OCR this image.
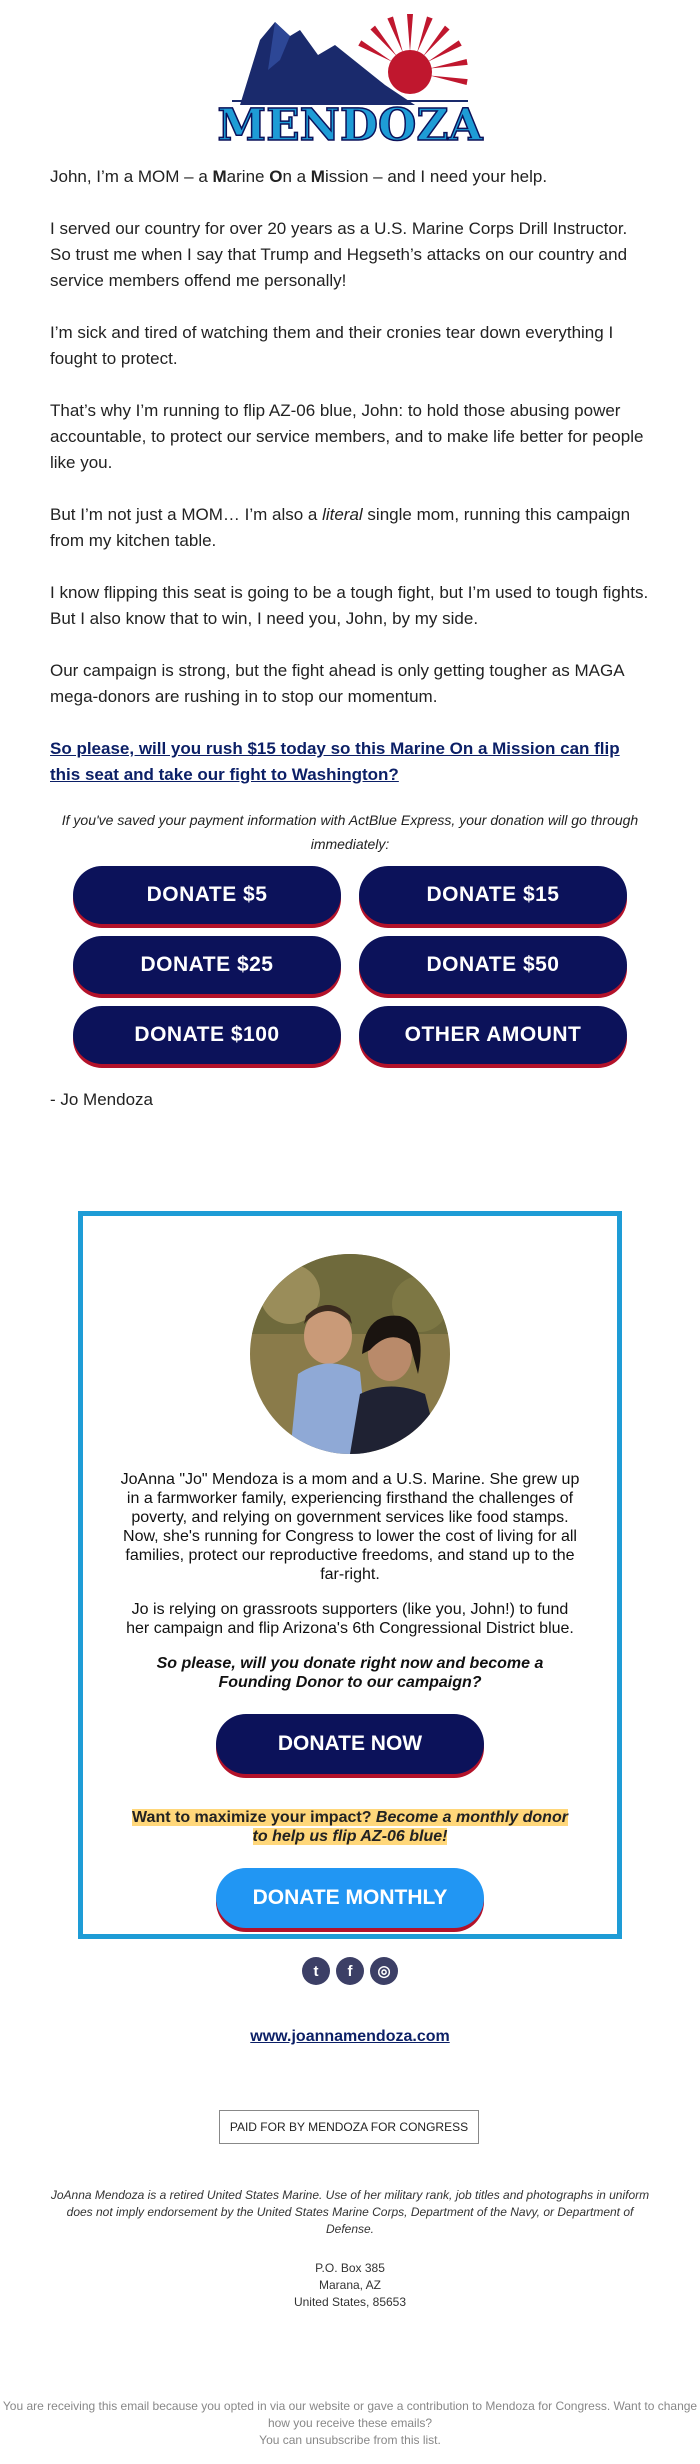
MENDOZA

John, I’m a MOM – a Marine On a Mission – and I need your help.

I served our country for over 20 years as a U.S. Marine Corps Drill Instructor. So trust me when I say that Trump and Hegseth’s attacks on our country and service members offend me personally!

I’m sick and tired of watching them and their cronies tear down everything I fought to protect.

That’s why I’m running to flip AZ-06 blue, John: to hold those abusing power accountable, to protect our service members, and to make life better for people like you.

But I’m not just a MOM… I’m also a literal single mom, running this campaign from my kitchen table.

I know flipping this seat is going to be a tough fight, but I’m used to tough fights. But I also know that to win, I need you, John, by my side.

Our campaign is strong, but the fight ahead is only getting tougher as MAGA mega-donors are rushing in to stop our momentum.

So please, will you rush $15 today so this Marine On a Mission can flip this seat and take our fight to Washington?

If you've saved your payment information with ActBlue Express, your donation will go through immediately:

DONATE $5	DONATE $15
DONATE $25	DONATE $50
DONATE $100	OTHER AMOUNT

- Jo Mendoza

JoAnna "Jo" Mendoza is a mom and a U.S. Marine. She grew up in a farmworker family, experiencing firsthand the challenges of poverty, and relying on government services like food stamps. Now, she's running for Congress to lower the cost of living for all families, protect our reproductive freedoms, and stand up to the far-right.

Jo is relying on grassroots supporters (like you, John!) to fund her campaign and flip Arizona's 6th Congressional District blue.

So please, will you donate right now and become a Founding Donor to our campaign?

DONATE NOW

Want to maximize your impact? Become a monthly donor to help us flip AZ-06 blue!

DONATE MONTHLY
t	f	◎
www.joannamendoza.com
PAID FOR BY MENDOZA FOR CONGRESS
JoAnna Mendoza is a retired United States Marine. Use of her military rank, job titles and photographs in uniform does not imply endorsement by the United States Marine Corps, Department of the Navy, or Department of Defense.
P.O. Box 385
Marana, AZ
United States, 85653
You are receiving this email because you opted in via our website or gave a contribution to Mendoza for Congress. Want to change how you receive these emails?
You can unsubscribe from this list.
